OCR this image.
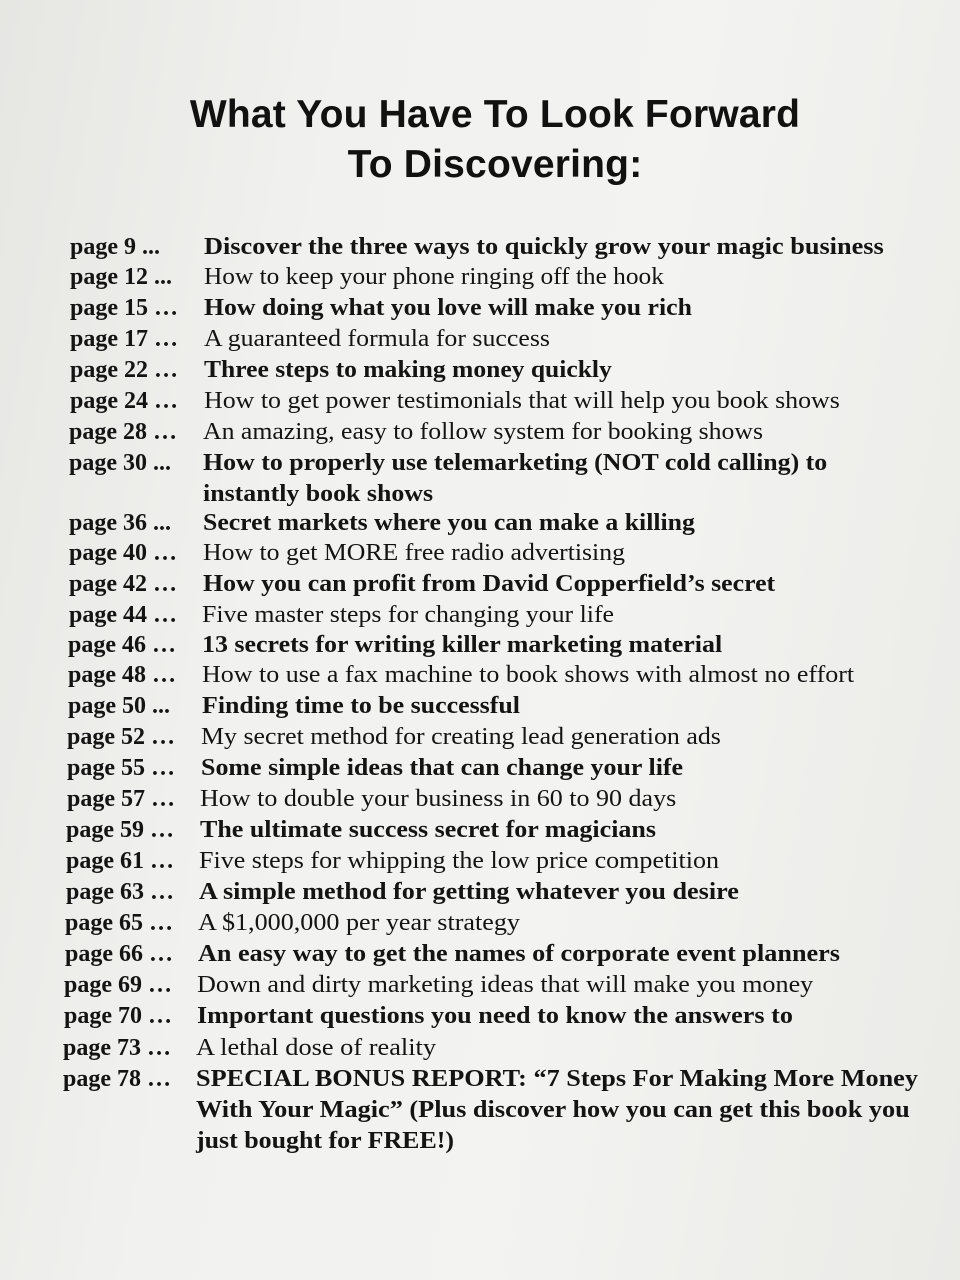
What You Have To Look Forward
To Discovering:
page 9 ... Discover the three ways to quickly grow your magic business
page 12 ... How to keep your phone ringing off the hook
page 15 … How doing what you love will make you rich
page 17 … A guaranteed formula for success
page 22 … Three steps to making money quickly
page 24 … How to get power testimonials that will help you book shows
page 28 … An amazing, easy to follow system for booking shows
page 30 ... How to properly use telemarketing (NOT cold calling) to
instantly book shows
page 36 ... Secret markets where you can make a killing
page 40 … How to get MORE free radio advertising
page 42 … How you can profit from David Copperfield’s secret
page 44 … Five master steps for changing your life
page 46 … 13 secrets for writing killer marketing material
page 48 … How to use a fax machine to book shows with almost no effort
page 50 ... Finding time to be successful
page 52 … My secret method for creating lead generation ads
page 55 … Some simple ideas that can change your life
page 57 … How to double your business in 60 to 90 days
page 59 … The ultimate success secret for magicians
page 61 … Five steps for whipping the low price competition
page 63 … A simple method for getting whatever you desire
page 65 … A $1,000,000 per year strategy
page 66 … An easy way to get the names of corporate event planners
page 69 … Down and dirty marketing ideas that will make you money
page 70 … Important questions you need to know the answers to
page 73 … A lethal dose of reality
page 78 … SPECIAL BONUS REPORT: “7 Steps For Making More Money
With Your Magic” (Plus discover how you can get this book you
just bought for FREE!)
